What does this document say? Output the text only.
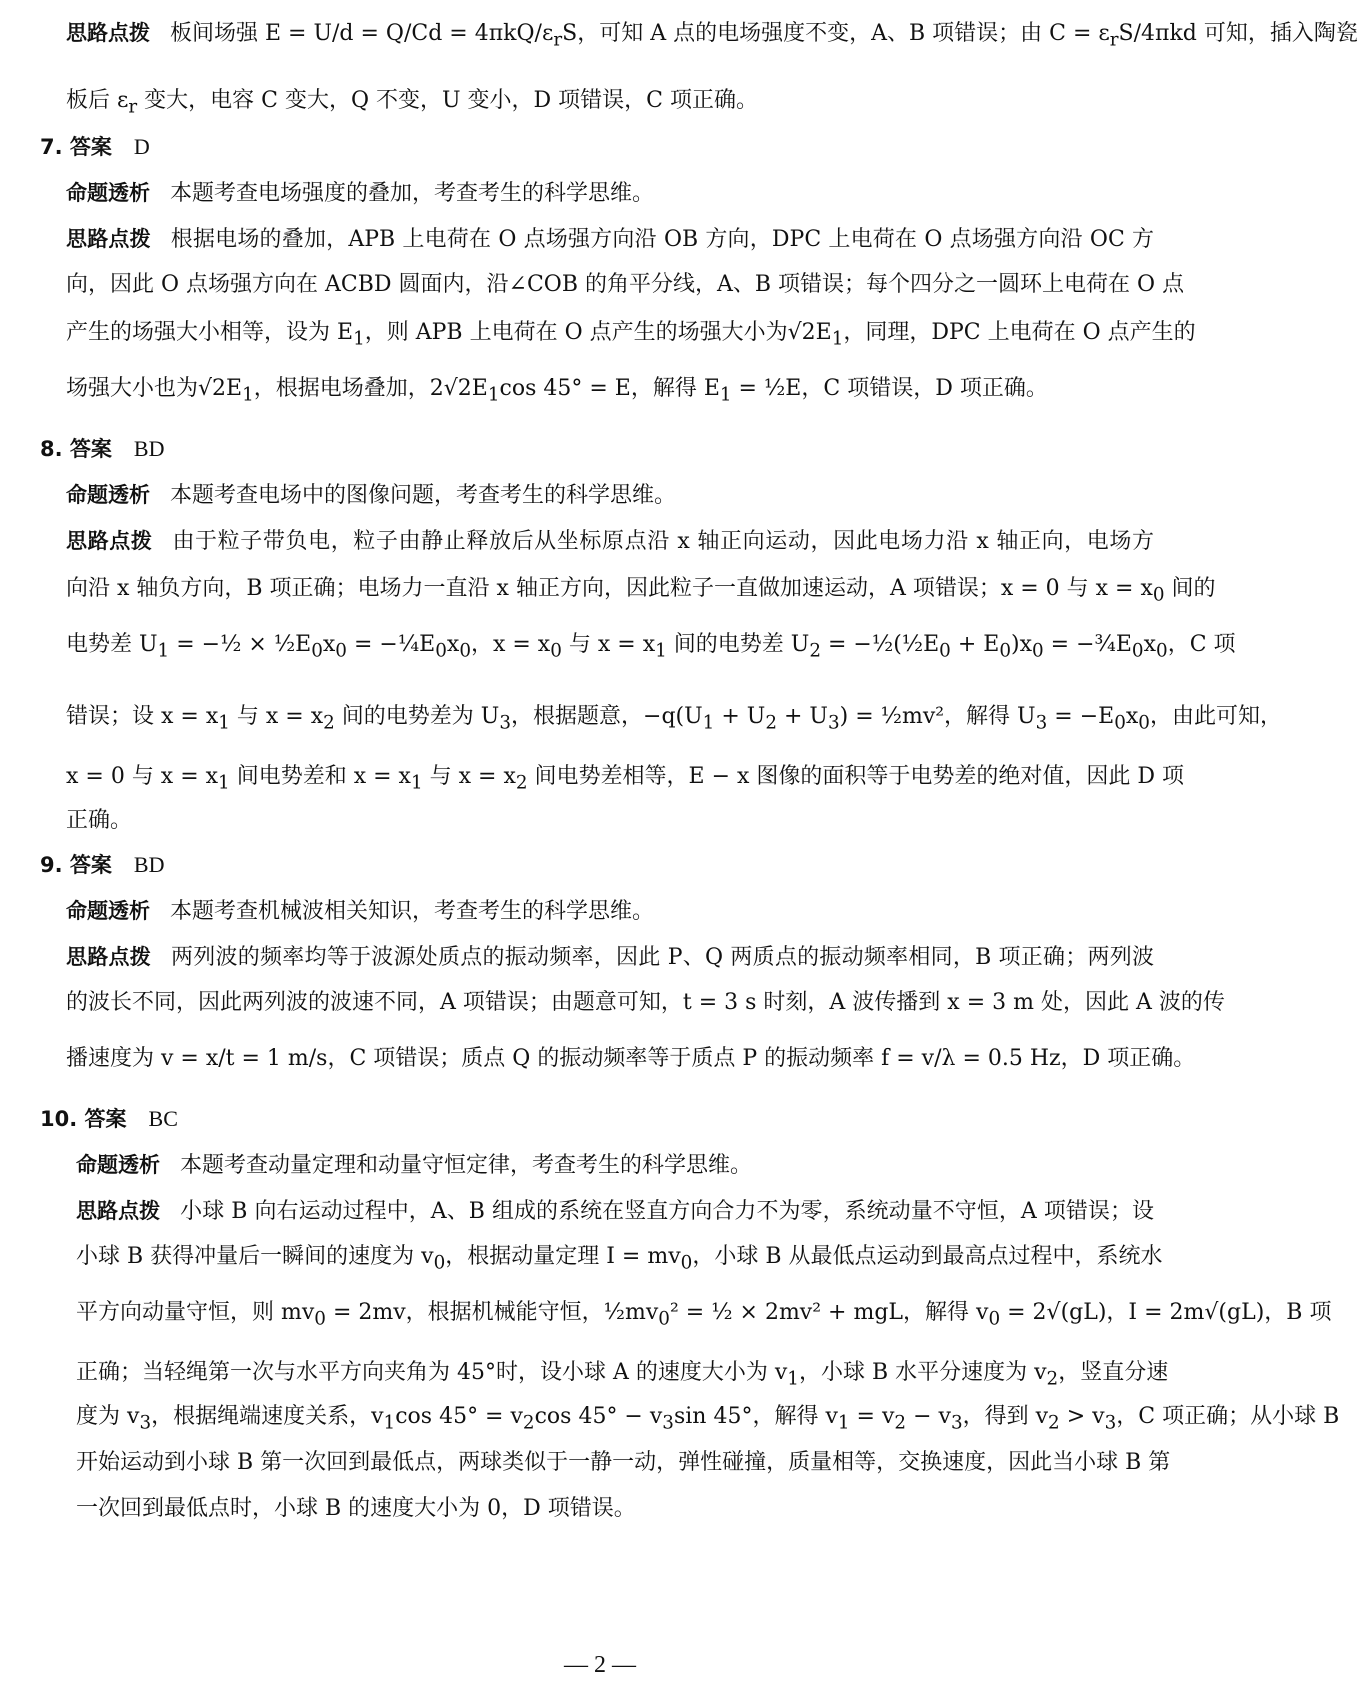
思路点拨 板间场强 $E = U/d = Q/Cd = 4\pi kQ/\varepsilon_rS$，可知 A 点的电场强度不变，A、B 项错误；由 $C = \varepsilon_rS/4\pi kd$ 可知，插入陶瓷
板后 $\varepsilon_r$ 变大，电容 C 变大，Q 不变，U 变小，D 项错误，C 项正确。
7. 答案 D
命题透析 本题考查电场强度的叠加，考查考生的科学思维。
思路点拨 根据电场的叠加，APB 上电荷在 O 点场强方向沿 OB 方向，DPC 上电荷在 O 点场强方向沿 OC 方
向，因此 O 点场强方向在 ACBD 圆面内，沿∠COB 的角平分线，A、B 项错误；每个四分之一圆环上电荷在 O 点
产生的场强大小相等，设为 $E_1$，则 APB 上电荷在 O 点产生的场强大小为$√2E_1$，同理，DPC 上电荷在 O 点产生的
场强大小也为$√2E_1$，根据电场叠加，$2√2E_1\cos$ 45° = E，解得 $E_1$ = ½E，C 项错误，D 项正确。
8. 答案 BD
命题透析 本题考查电场中的图像问题，考查考生的科学思维。
思路点拨 由于粒子带负电，粒子由静止释放后从坐标原点沿 x 轴正向运动，因此电场力沿 x 轴正向，电场方
向沿 x 轴负方向，B 项正确；电场力一直沿 x 轴正方向，因此粒子一直做加速运动，A 项错误；x = 0 与 $x = x_0$ 间的
电势差 $U_1$ = −½ × $\frac{1}{2}E_0x_0$ = $-\frac{1}{4}E_0x_0$，$x = x_0$ 与 $x = x_1$ 间的电势差 $U_2$ = $-\frac{1}{2}(\frac{1}{2}E_0 + E_0)x_0$ = $-\frac{3}{4}E_0x_0$，C 项
错误；设 $x = x_1$ 与 $x = x_2$ 间的电势差为 $U_3$，根据题意，$-q(U_1 + U_2 + U_3)$ = ½mv²，解得 $U_3 = -E_0x_0$，由此可知，
x = 0 与 $x = x_1$ 间电势差和 $x = x_1$ 与 $x = x_2$ 间电势差相等，E − x 图像的面积等于电势差的绝对值，因此 D 项
正确。
9. 答案 BD
命题透析 本题考查机械波相关知识，考查考生的科学思维。
思路点拨 两列波的频率均等于波源处质点的振动频率，因此 P、Q 两质点的振动频率相同，B 项正确；两列波
的波长不同，因此两列波的波速不同，A 项错误；由题意可知，t = 3 s 时刻，A 波传播到 x = 3 m 处，因此 A 波的传
播速度为 v = x/t = 1 m/s，C 项错误；质点 Q 的振动频率等于质点 P 的振动频率 f = v/λ = 0.5 Hz，D 项正确。
10. 答案 BC
命题透析 本题考查动量定理和动量守恒定律，考查考生的科学思维。
思路点拨 小球 B 向右运动过程中，A、B 组成的系统在竖直方向合力不为零，系统动量不守恒，A 项错误；设
小球 B 获得冲量后一瞬间的速度为 $v_0$，根据动量定理 $I = mv_0$，小球 B 从最低点运动到最高点过程中，系统水
平方向动量守恒，则 $mv_0 = 2mv$，根据机械能守恒，$\frac{1}{2}mv_0^2$ = ½ × 2mv² + mgL，解得 $v_0 = 2√(gL)$，I = 2m√(gL)，B 项
正确；当轻绳第一次与水平方向夹角为 45°时，设小球 A 的速度大小为 $v_1$，小球 B 水平分速度为 $v_2$，竖直分速
度为 $v_3$，根据绳端速度关系，$v_1\cos$ $45^\circ = v_2\cos$ $45^\circ - v_3\sin$ 45°，解得 $v_1 = v_2 - v_3$，得到 $v_2 > v_3$，C 项正确；从小球 B
开始运动到小球 B 第一次回到最低点，两球类似于一静一动，弹性碰撞，质量相等，交换速度，因此当小球 B 第
一次回到最低点时，小球 B 的速度大小为 0，D 项错误。
— 2 —
